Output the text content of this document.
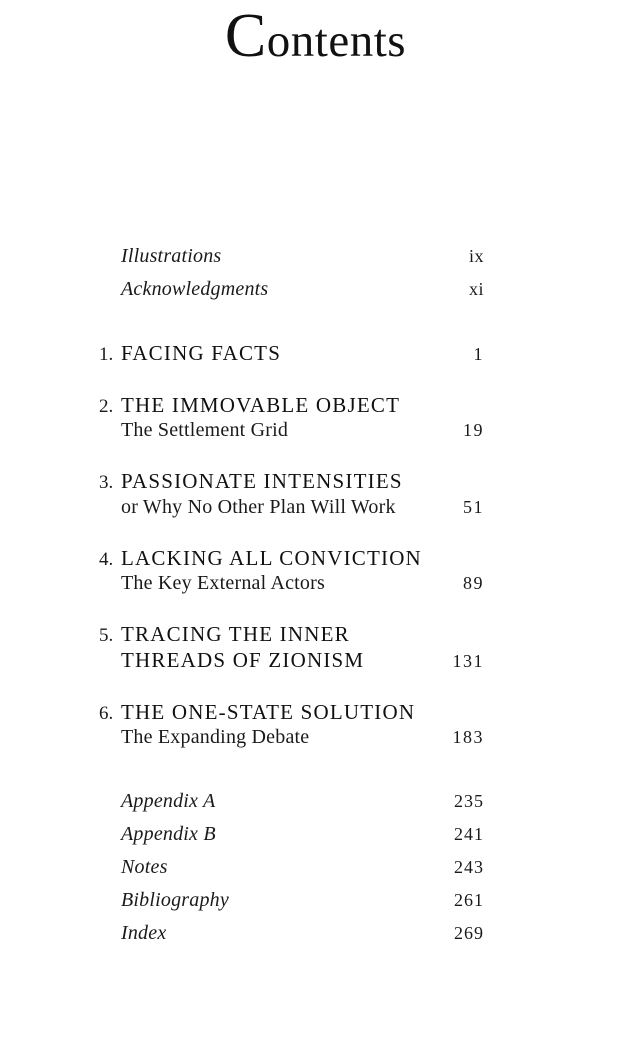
Contents
Illustrations	ix
Acknowledgments	xi
1. FACING FACTS	1
2. THE IMMOVABLE OBJECT
The Settlement Grid	19
3. PASSIONATE INTENSITIES
or Why No Other Plan Will Work	51
4. LACKING ALL CONVICTION
The Key External Actors	89
5. TRACING THE INNER
THREADS OF ZIONISM	131
6. THE ONE-STATE SOLUTION
The Expanding Debate	183
Appendix A	235
Appendix B	241
Notes	243
Bibliography	261
Index	269
